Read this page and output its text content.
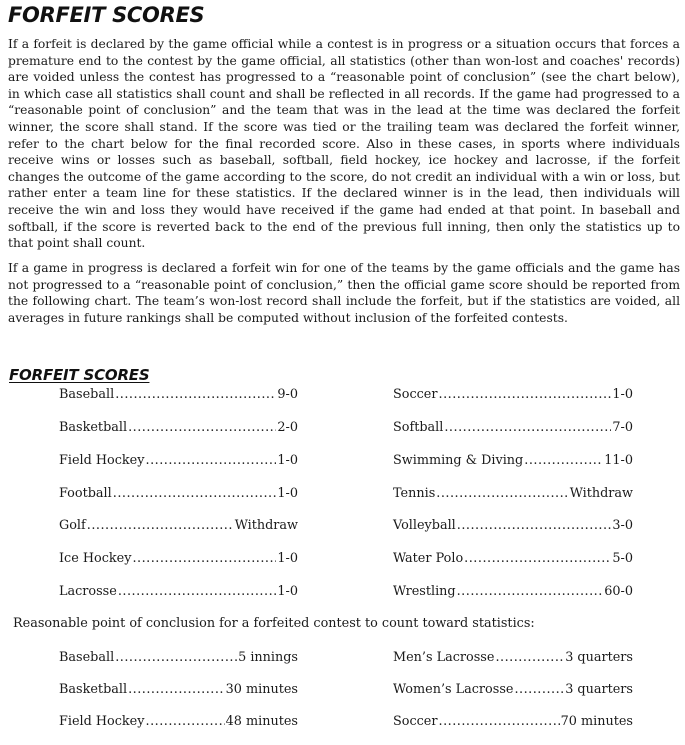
FORFEIT SCORES

If a forfeit is declared by the game official while a contest is in progress or a situation occurs that forces a premature end to the contest by the game official, all statistics (other than won-lost and coaches' records) are voided unless the contest has progressed to a “reasonable point of conclusion” (see the chart below), in which case all statistics shall count and shall be reflected in all records. If the game had progressed to a “reasonable point of conclusion” and the team that was in the lead at the time was declared the forfeit winner, the score shall stand. If the score was tied or the trailing team was declared the forfeit winner, refer to the chart below for the final recorded score. Also in these cases, in sports where individuals receive wins or losses such as baseball, softball, field hockey, ice hockey and lacrosse, if the forfeit changes the outcome of the game according to the score, do not credit an individual with a win or loss, but rather enter a team line for these statistics. If the declared winner is in the lead, then individuals will receive the win and loss they would have received if the game had ended at that point. In baseball and softball, if the score is reverted back to the end of the previous full inning, then only the statistics up to that point shall count.

If a game in progress is declared a forfeit win for one of the teams by the game officials and the game has not progressed to a “reasonable point of conclusion,” then the official game score should be reported from the following chart. The team’s won-lost record shall include the forfeit, but if the statistics are voided, all averages in future rankings shall be computed without inclusion of the forfeited contests.

FORFEIT SCORES
Baseball .....	9-0
Basketball .....	2-0
Field Hockey .....	1-0
Football .....	1-0
Golf .....	Withdraw
Ice Hockey .....	1-0
Lacrosse .....	1-0
Soccer .....	1-0
Softball .....	7-0
Swimming & Diving .....	11-0
Tennis .....	Withdraw
Volleyball .....	3-0
Water Polo .....	5-0
Wrestling .....	60-0

Reasonable point of conclusion for a forfeited contest to count toward statistics:

Baseball .....	5 innings
Basketball .....	30 minutes
Field Hockey .....	48 minutes
Men’s Lacrosse .....	3 quarters
Women’s Lacrosse .....	3 quarters
Soccer .....	70 minutes
